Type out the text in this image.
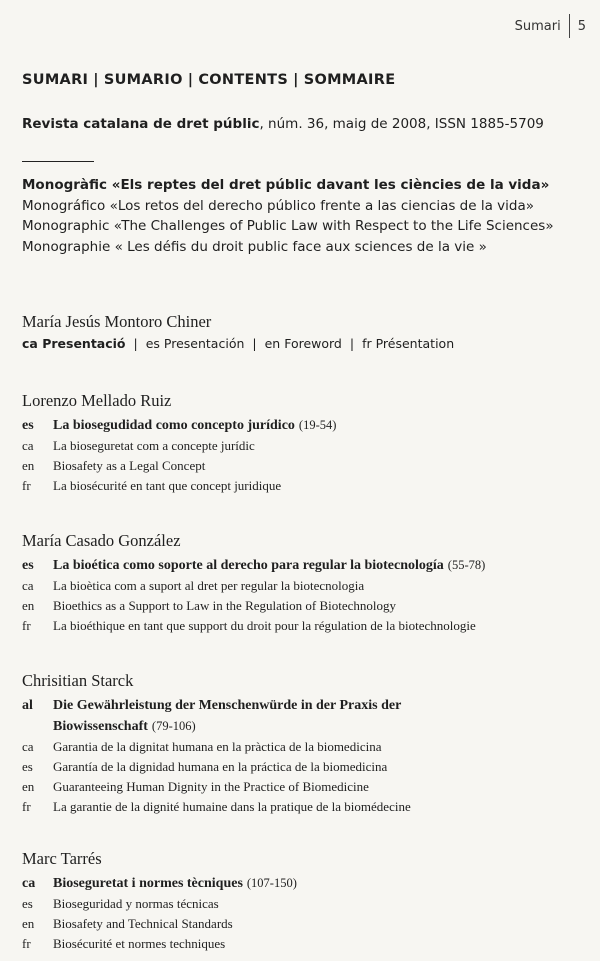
Sumari 5
SUMARI | SUMARIO | CONTENTS | SOMMAIRE
Revista catalana de dret públic, núm. 36, maig de 2008, ISSN 1885-5709
Monogràfic «Els reptes del dret públic davant les ciències de la vida»
Monográfico «Los retos del derecho público frente a las ciencias de la vida»
Monographic «The Challenges of Public Law with Respect to the Life Sciences»
Monographie « Les défis du droit public face aux sciences de la vie »
María Jesús Montoro Chiner
ca Presentació | es Presentación | en Foreword | fr Présentation
Lorenzo Mellado Ruiz
es	La biosegudidad como concepto jurídico (19-54)
ca	La bioseguretat com a concepte jurídic
en	Biosafety as a Legal Concept
fr	La biosécurité en tant que concept juridique
María Casado González
es	La bioética como soporte al derecho para regular la biotecnología (55-78)
ca	La bioètica com a suport al dret per regular la biotecnologia
en	Bioethics as a Support to Law in the Regulation of Biotechnology
fr	La bioéthique en tant que support du droit pour la régulation de la biotechnologie
Chrisitian Starck
al	Die Gewährleistung der Menschenwürde in der Praxis der
Biowissenschaft (79-106)
ca	Garantia de la dignitat humana en la pràctica de la biomedicina
es	Garantía de la dignidad humana en la práctica de la biomedicina
en	Guaranteeing Human Dignity in the Practice of Biomedicine
fr	La garantie de la dignité humaine dans la pratique de la biomédecine
Marc Tarrés
ca	Bioseguretat i normes tècniques (107-150)
es	Bioseguridad y normas técnicas
en	Biosafety and Technical Standards
fr	Biosécurité et normes techniques
